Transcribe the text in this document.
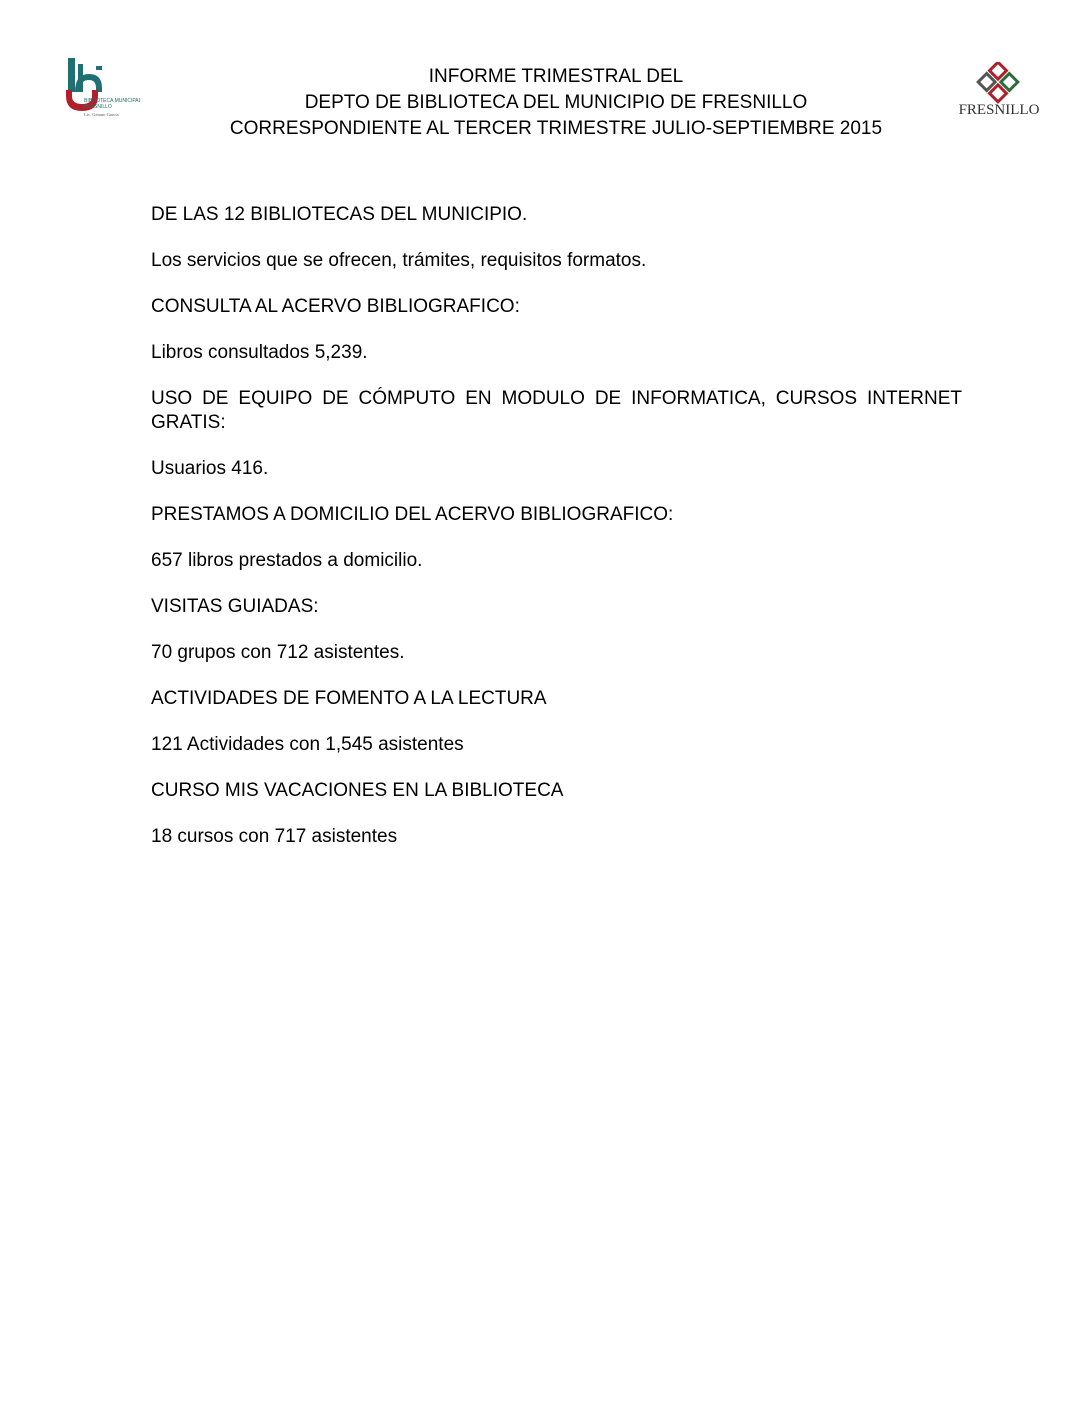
BIBLIOTECA MUNICIPAL
FRESNILLO
Lic. Genaro García
INFORME TRIMESTRAL DEL
DEPTO DE BIBLIOTECA DEL MUNICIPIO DE FRESNILLO
CORRESPONDIENTE AL TERCER TRIMESTRE JULIO-SEPTIEMBRE 2015
FRESNILLO

DE LAS 12 BIBLIOTECAS DEL MUNICIPIO.

Los servicios que se ofrecen, trámites, requisitos formatos.

CONSULTA AL ACERVO BIBLIOGRAFICO:

Libros consultados 5,239.

USO DE EQUIPO DE CÓMPUTO EN MODULO DE INFORMATICA, CURSOS INTERNET GRATIS:

Usuarios 416.

PRESTAMOS A DOMICILIO DEL ACERVO BIBLIOGRAFICO:

657 libros prestados a domicilio.

VISITAS GUIADAS:

70 grupos con 712 asistentes.

ACTIVIDADES DE FOMENTO A LA LECTURA

121 Actividades con 1,545 asistentes

CURSO MIS VACACIONES EN LA BIBLIOTECA

18 cursos con 717 asistentes
